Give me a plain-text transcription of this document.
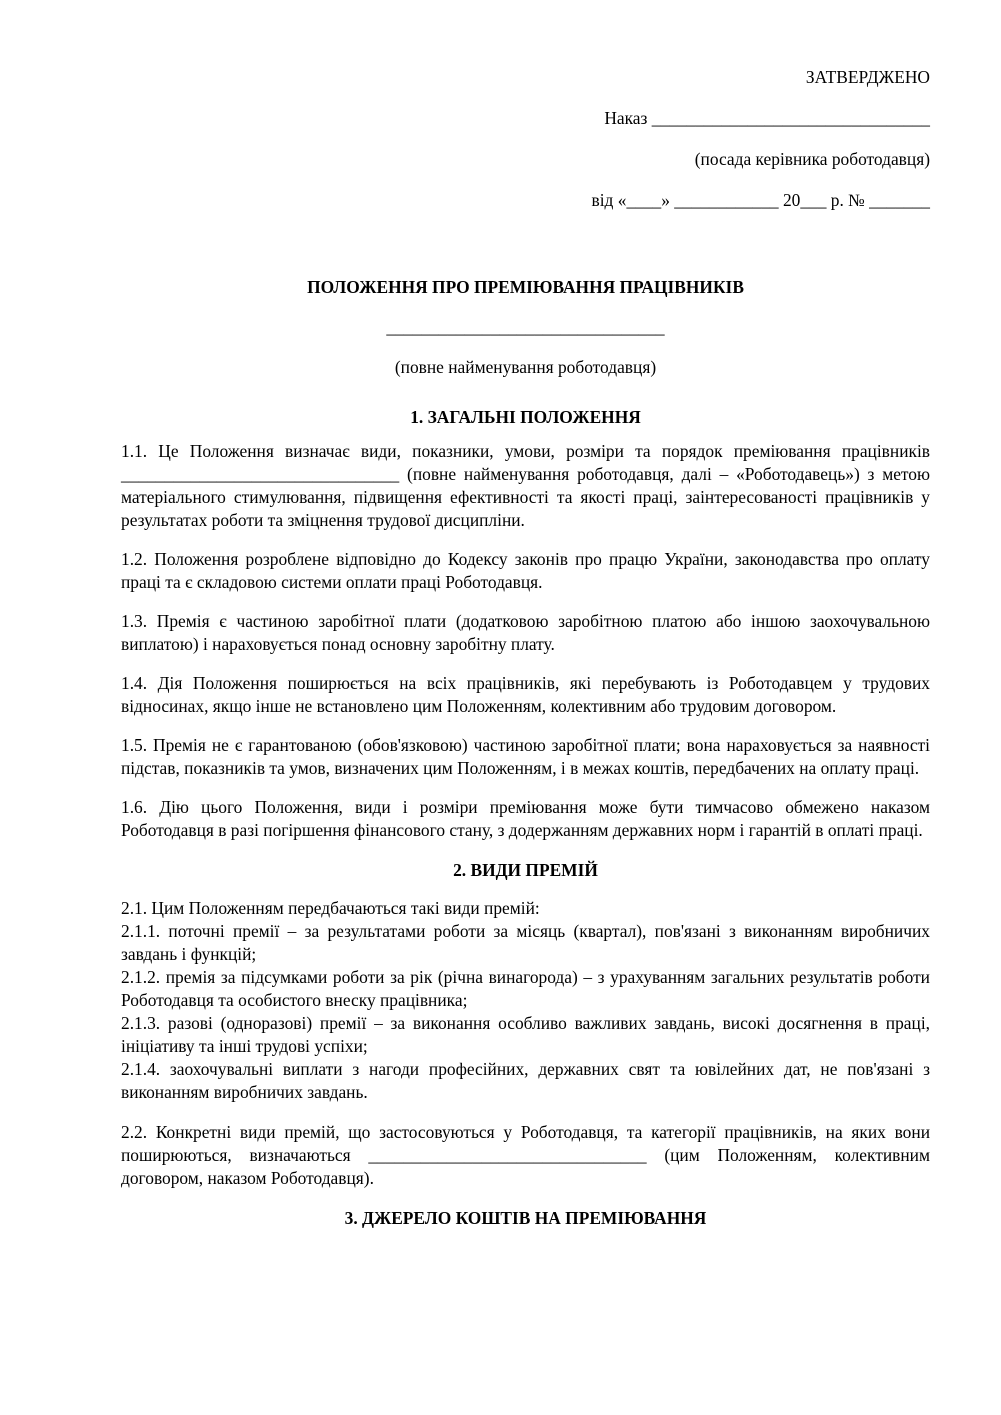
ЗАТВЕРДЖЕНО
Наказ ________________________________
(посада керівника роботодавця)
від «____» ____________ 20___ р. № _______
ПОЛОЖЕННЯ ПРО ПРЕМІЮВАННЯ ПРАЦІВНИКІВ
________________________________
(повне найменування роботодавця)
1. ЗАГАЛЬНІ ПОЛОЖЕННЯ

1.1. Це Положення визначає види, показники, умови, розміри та порядок преміювання працівників ________________________________ (повне найменування роботодавця, далі – «Роботодавець») з метою матеріального стимулювання, підвищення ефективності та якості праці, заінтересованості працівників у результатах роботи та зміцнення трудової дисципліни.

1.2. Положення розроблене відповідно до Кодексу законів про працю України, законодавства про оплату праці та є складовою системи оплати праці Роботодавця.

1.3. Премія є частиною заробітної плати (додатковою заробітною платою або іншою заохочувальною виплатою) і нараховується понад основну заробітну плату.

1.4. Дія Положення поширюється на всіх працівників, які перебувають із Роботодавцем у трудових відносинах, якщо інше не встановлено цим Положенням, колективним або трудовим договором.

1.5. Премія не є гарантованою (обов'язковою) частиною заробітної плати; вона нараховується за наявності підстав, показників та умов, визначених цим Положенням, і в межах коштів, передбачених на оплату праці.

1.6. Дію цього Положення, види і розміри преміювання може бути тимчасово обмежено наказом Роботодавця в разі погіршення фінансового стану, з додержанням державних норм і гарантій в оплаті праці.

2. ВИДИ ПРЕМІЙ

2.1. Цим Положенням передбачаються такі види премій:

2.1.1. поточні премії – за результатами роботи за місяць (квартал), пов'язані з виконанням виробничих завдань і функцій;

2.1.2. премія за підсумками роботи за рік (річна винагорода) – з урахуванням загальних результатів роботи Роботодавця та особистого внеску працівника;

2.1.3. разові (одноразові) премії – за виконання особливо важливих завдань, високі досягнення в праці, ініціативу та інші трудові успіхи;

2.1.4. заохочувальні виплати з нагоди професійних, державних свят та ювілейних дат, не пов'язані з виконанням виробничих завдань.

2.2. Конкретні види премій, що застосовуються у Роботодавця, та категорії працівників, на яких вони поширюються, визначаються ________________________________ (цим Положенням, колективним договором, наказом Роботодавця).

3. ДЖЕРЕЛО КОШТІВ НА ПРЕМІЮВАННЯ
